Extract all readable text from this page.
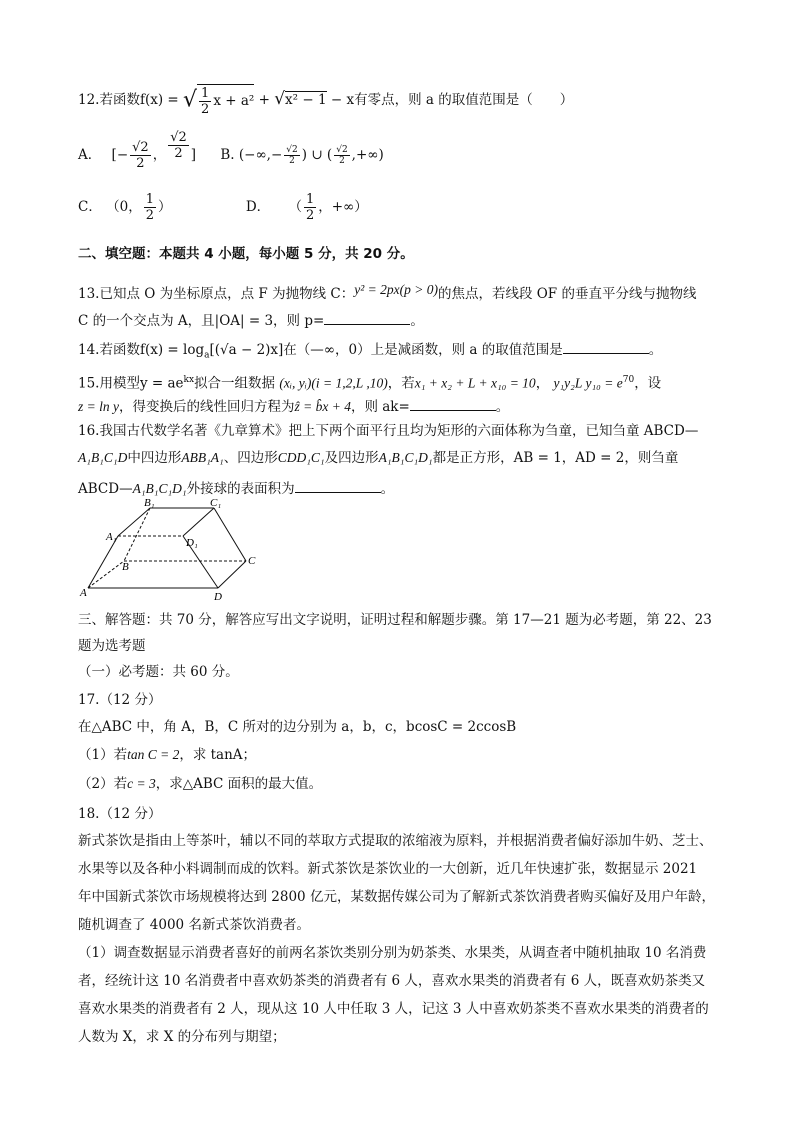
12.若函数f(x) = √ $\frac{1}{2}$ x + a² + √x² − 1 − x有零点，则 a 的取值范围是（　　）
A． [− $\frac{√2}{2}$ ， $\frac{√2}{2}$ ] B. (−∞,− $\frac{√2}{2}$ ) ∪ ( $\frac{√2}{2}$ ,+∞)
C． （0， $\frac{1}{2}$ ）	D． （ $\frac{1}{2}$ ，+∞）
二、填空题：本题共 4 小题，每小题 5 分，共 20 分。
13.已知点 O 为坐标原点，点 F 为抛物线 C：y² = 2px(p > 0)的焦点，若线段 OF 的垂直平分线与抛物线
C 的一个交点为 A，且|OA| = 3，则 p=	。
14.若函数$f(x) = \log_a[(√a - 2)x]$在（—∞，0）上是减函数，则 a 的取值范围是	。
15.用模型$y = ae^{kx}$拟合一组数据 (xᵢ, yᵢ)(i = 1,2,L ,10)，若x₁ + x₂ + L + x₁₀ = 10， y₁y₂L $y_{10} = e^{70}$，设
z = ln y，得变换后的线性回归方程为ẑ = b̂x + 4，则 ak=	。
16.我国古代数学名著《九章算术》把上下两个面平行且均为矩形的六面体称为刍童，已知刍童 ABCD—
A₁B₁C₁D中四边形ABB₁A₁、四边形CDD₁C₁及四边形A₁B₁C₁D₁都是正方形，AB = 1，AD = 2，则刍童
ABCD—A₁B₁C₁D₁外接球的表面积为	。
B₁	C₁
A₁	D₁
B	C
A	D
三、解答题：共 70 分，解答应写出文字说明，证明过程和解题步骤。第 17—21 题为必考题，第 22、23
题为选考题
（一）必考题：共 60 分。
17.（12 分）
在△ABC 中，角 A，B，C 所对的边分别为 a，b，c，bcosC = 2ccosB
（1）若tan C = 2，求 tanA；
（2）若c = 3，求△ABC 面积的最大值。
18.（12 分）
新式茶饮是指由上等茶叶，辅以不同的萃取方式提取的浓缩液为原料，并根据消费者偏好添加牛奶、芝士、
水果等以及各种小料调制而成的饮料。新式茶饮是茶饮业的一大创新，近几年快速扩张，数据显示 2021
年中国新式茶饮市场规模将达到 2800 亿元，某数据传媒公司为了解新式茶饮消费者购买偏好及用户年龄，
随机调查了 4000 名新式茶饮消费者。
（1）调查数据显示消费者喜好的前两名茶饮类别分别为奶茶类、水果类，从调查者中随机抽取 10 名消费
者，经统计这 10 名消费者中喜欢奶茶类的消费者有 6 人，喜欢水果类的消费者有 6 人，既喜欢奶茶类又
喜欢水果类的消费者有 2 人，现从这 10 人中任取 3 人，记这 3 人中喜欢奶茶类不喜欢水果类的消费者的
人数为 X，求 X 的分布列与期望；
